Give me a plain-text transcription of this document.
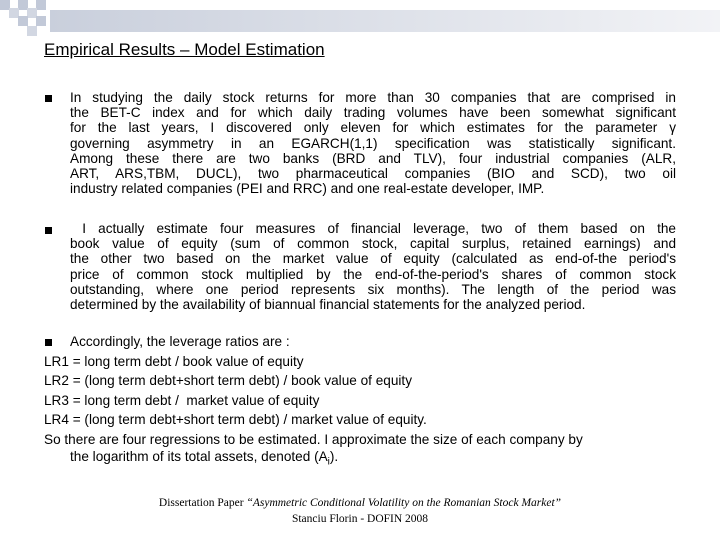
Empirical Results – Model Estimation
In studying the daily stock returns for more than 30 companies that are comprised in
the BET-C index and for which daily trading volumes have been somewhat significant
for the last years, I discovered only eleven for which estimates for the parameter γ
governing asymmetry in an EGARCH(1,1) specification was statistically significant.
Among these there are two banks (BRD and TLV), four industrial companies (ALR,
ART, ARS,TBM, DUCL), two pharmaceutical companies (BIO and SCD), two oil
industry related companies (PEI and RRC) and one real-estate developer, IMP.
I actually estimate four measures of financial leverage, two of them based on the
book value of equity (sum of common stock, capital surplus, retained earnings) and
the other two based on the market value of equity (calculated as end-of-the period's
price of common stock multiplied by the end-of-the-period's shares of common stock
outstanding, where one period represents six months). The length of the period was
determined by the availability of biannual financial statements for the analyzed period.
Accordingly, the leverage ratios are :
LR1 = long term debt / book value of equity
LR2 = (long term debt+short term debt) / book value of equity
LR3 = long term debt /  market value of equity
LR4 = (long term debt+short term debt) / market value of equity.
So there are four regressions to be estimated. I approximate the size of each company by
the logarithm of its total assets, denoted $(A_i)$.
Dissertation Paper “Asymmetric Conditional Volatility on the Romanian Stock Market”
Stanciu Florin - DOFIN 2008
